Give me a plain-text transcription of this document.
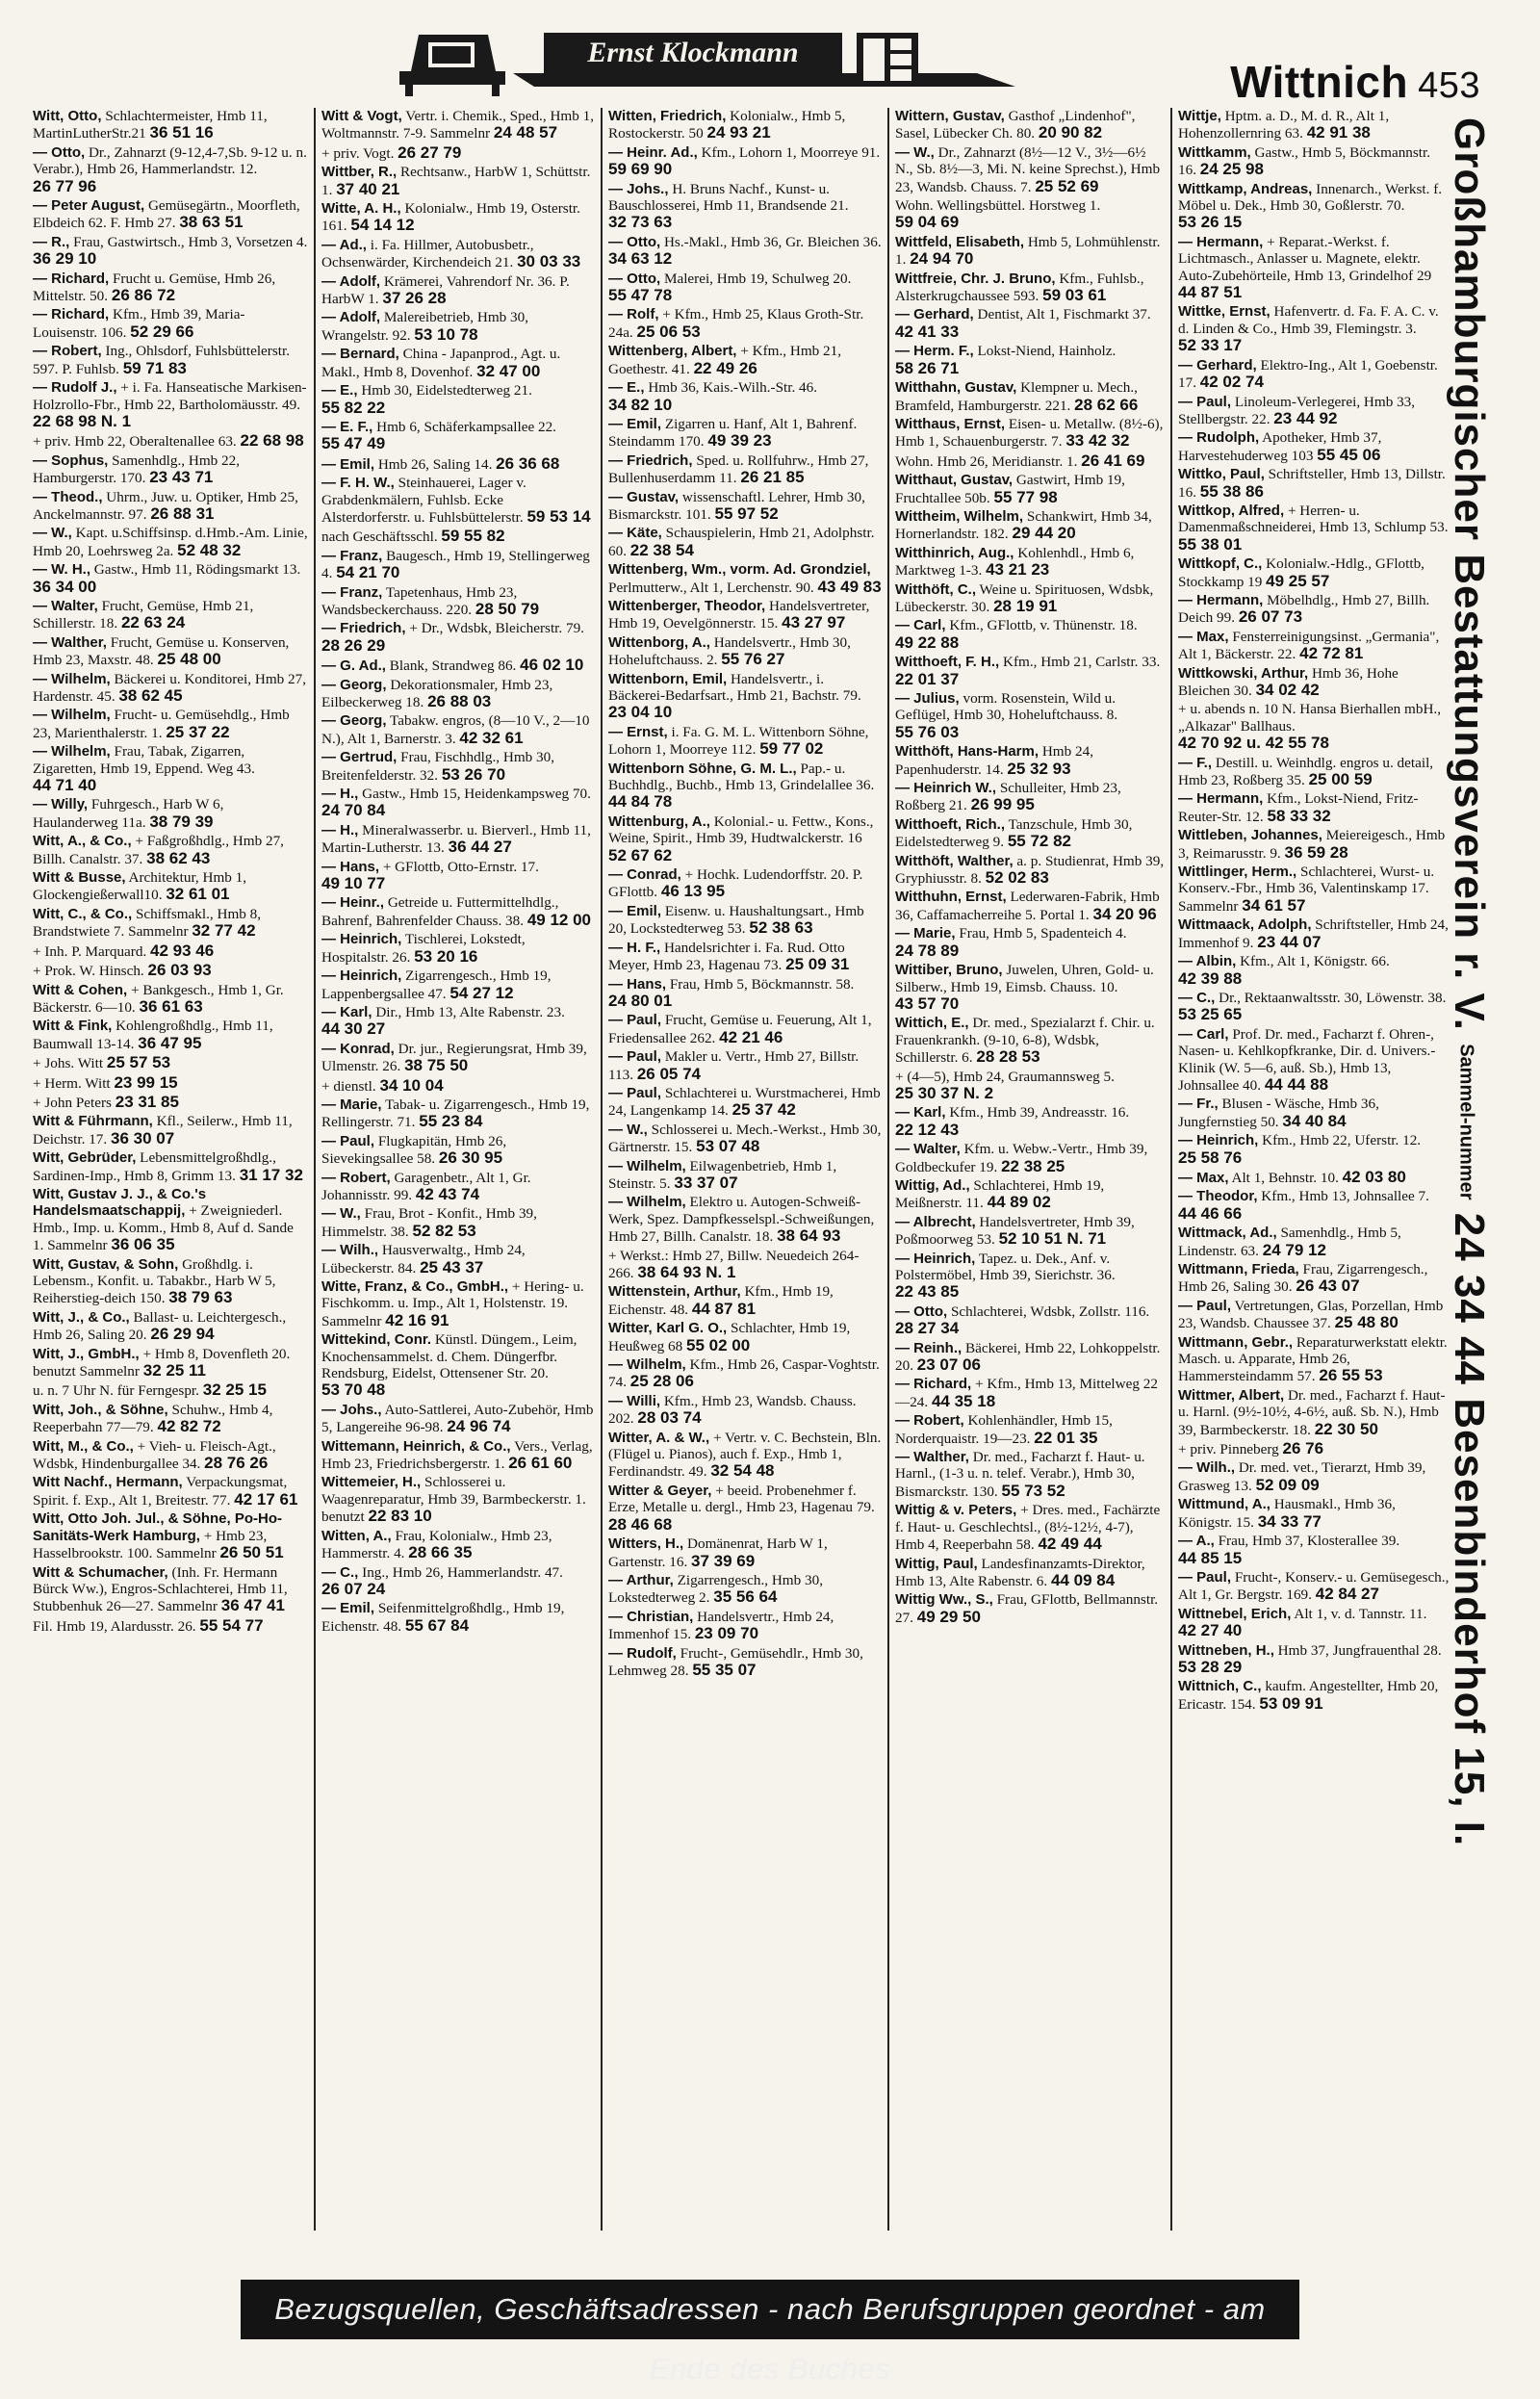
Ernst Klockmann
Wittnich 453
Witt, Otto, Schlachtermeister, Hmb 11, MartinLutherStr.21 36 51 16
— Otto, Dr., Zahnarzt (9-12,4-7,Sb. 9-12 u. n. Verabr.), Hmb 26, Hammerlandstr. 12. 26 77 96
— Peter August, Gemüsegärtn., Moorfleth, Elbdeich 62. F. Hmb 27. 38 63 51
— R., Frau, Gastwirtsch., Hmb 3, Vorsetzen 4. 36 29 10
— Richard, Frucht u. Gemüse, Hmb 26, Mittelstr. 50. 26 86 72
— Richard, Kfm., Hmb 39, Maria-Louisenstr. 106. 52 29 66
— Robert, Ing., Ohlsdorf, Fuhlsbüttelerstr. 597. P. Fuhlsb. 59 71 83
— Rudolf J., + i. Fa. Hanseatische Markisen-Holzrollo-Fbr., Hmb 22, Bartholomäusstr. 49. 22 68 98 N. 1
+ priv. Hmb 22, Oberaltenallee 63. 22 68 98
— Sophus, Samenhdlg., Hmb 22, Hamburgerstr. 170. 23 43 71
— Theod., Uhrm., Juw. u. Optiker, Hmb 25, Anckelmannstr. 97. 26 88 31
— W., Kapt. u.Schiffsinsp. d.Hmb.-Am. Linie, Hmb 20, Loehrsweg 2a. 52 48 32
— W. H., Gastw., Hmb 11, Rödingsmarkt 13. 36 34 00
— Walter, Frucht, Gemüse, Hmb 21, Schillerstr. 18. 22 63 24
— Walther, Frucht, Gemüse u. Konserven, Hmb 23, Maxstr. 48. 25 48 00
— Wilhelm, Bäckerei u. Konditorei, Hmb 27, Hardenstr. 45. 38 62 45
— Wilhelm, Frucht- u. Gemüsehdlg., Hmb 23, Marienthalerstr. 1. 25 37 22
— Wilhelm, Frau, Tabak, Zigarren, Zigaretten, Hmb 19, Eppend. Weg 43. 44 71 40
— Willy, Fuhrgesch., Harb W 6, Haulanderweg 11a. 38 79 39
Witt, A., & Co., + Faßgroßhdlg., Hmb 27, Billh. Canalstr. 37. 38 62 43
Witt & Busse, Architektur, Hmb 1, Glockengießerwall10. 32 61 01
Witt, C., & Co., Schiffsmakl., Hmb 8, Brandstwiete 7. Sammelnr 32 77 42
+ Inh. P. Marquard. 42 93 46
+ Prok. W. Hinsch. 26 03 93
Witt & Cohen, + Bankgesch., Hmb 1, Gr. Bäckerstr. 6—10. 36 61 63
Witt & Fink, Kohlengroßhdlg., Hmb 11, Baumwall 13-14. 36 47 95
+ Johs. Witt 25 57 53
+ Herm. Witt 23 99 15
+ John Peters 23 31 85
Witt & Führmann, Kfl., Seilerw., Hmb 11, Deichstr. 17. 36 30 07
Witt, Gebrüder, Lebensmittelgroßhdlg., Sardinen-Imp., Hmb 8, Grimm 13. 31 17 32
Witt, Gustav J. J., & Co.'s Handelsmaatschappij, + Zweigniederl. Hmb., Imp. u. Komm., Hmb 8, Auf d. Sande 1. Sammelnr 36 06 35
Witt, Gustav, & Sohn, Großhdlg. i. Lebensm., Konfit. u. Tabakbr., Harb W 5, Reiherstieg-deich 150. 38 79 63
Witt, J., & Co., Ballast- u. Leichtergesch., Hmb 26, Saling 20. 26 29 94
Witt, J., GmbH., + Hmb 8, Dovenfleth 20. benutzt Sammelnr 32 25 11
u. n. 7 Uhr N. für Ferngespr. 32 25 15
Witt, Joh., & Söhne, Schuhw., Hmb 4, Reeperbahn 77—79. 42 82 72
Witt, M., & Co., + Vieh- u. Fleisch-Agt., Wdsbk, Hindenburgallee 34. 28 76 26
Witt Nachf., Hermann, Verpackungsmat, Spirit. f. Exp., Alt 1, Breitestr. 77. 42 17 61
Witt, Otto Joh. Jul., & Söhne, Po-Ho-Sanitäts-Werk Hamburg, + Hmb 23, Hasselbrookstr. 100. Sammelnr 26 50 51
Witt & Schumacher, (Inh. Fr. Hermann Bürck Ww.), Engros-Schlachterei, Hmb 11, Stubbenhuk 26—27. Sammelnr 36 47 41
Fil. Hmb 19, Alardusstr. 26. 55 54 77
Witt & Vogt, Vertr. i. Chemik., Sped., Hmb 1, Woltmannstr. 7-9. Sammelnr 24 48 57
+ priv. Vogt. 26 27 79
Wittber, R., Rechtsanw., HarbW 1, Schüttstr. 1. 37 40 21
Witte, A. H., Kolonialw., Hmb 19, Osterstr. 161. 54 14 12
— Ad., i. Fa. Hillmer, Autobusbetr., Ochsenwärder, Kirchendeich 21. 30 03 33
— Adolf, Krämerei, Vahrendorf Nr. 36. P. HarbW 1. 37 26 28
— Adolf, Malereibetrieb, Hmb 30, Wrangelstr. 92. 53 10 78
— Bernard, China - Japanprod., Agt. u. Makl., Hmb 8, Dovenhof. 32 47 00
— E., Hmb 30, Eidelstedterweg 21. 55 82 22
— E. F., Hmb 6, Schäferkampsallee 22. 55 47 49
— Emil, Hmb 26, Saling 14. 26 36 68
— F. H. W., Steinhauerei, Lager v. Grabdenkmälern, Fuhlsb. Ecke Alsterdorferstr. u. Fuhlsbüttelerstr. 59 53 14
nach Geschäftsschl. 59 55 82
— Franz, Baugesch., Hmb 19, Stellingerweg 4. 54 21 70
— Franz, Tapetenhaus, Hmb 23, Wandsbeckerchauss. 220. 28 50 79
— Friedrich, + Dr., Wdsbk, Bleicherstr. 79. 28 26 29
— G. Ad., Blank, Strandweg 86. 46 02 10
— Georg, Dekorationsmaler, Hmb 23, Eilbeckerweg 18. 26 88 03
— Georg, Tabakw. engros, (8—10 V., 2—10 N.), Alt 1, Barnerstr. 3. 42 32 61
— Gertrud, Frau, Fischhdlg., Hmb 30, Breitenfelderstr. 32. 53 26 70
— H., Gastw., Hmb 15, Heidenkampsweg 70. 24 70 84
— H., Mineralwasserbr. u. Bierverl., Hmb 11, Martin-Lutherstr. 13. 36 44 27
— Hans, + GFlottb, Otto-Ernstr. 17. 49 10 77
— Heinr., Getreide u. Futtermittelhdlg., Bahrenf, Bahrenfelder Chauss. 38. 49 12 00
— Heinrich, Tischlerei, Lokstedt, Hospitalstr. 26. 53 20 16
— Heinrich, Zigarrengesch., Hmb 19, Lappenbergsallee 47. 54 27 12
— Karl, Dir., Hmb 13, Alte Rabenstr. 23. 44 30 27
— Konrad, Dr. jur., Regierungsrat, Hmb 39, Ulmenstr. 26. 38 75 50
+ dienstl. 34 10 04
— Marie, Tabak- u. Zigarrengesch., Hmb 19, Rellingerstr. 71. 55 23 84
— Paul, Flugkapitän, Hmb 26, Sievekingsallee 58. 26 30 95
— Robert, Garagenbetr., Alt 1, Gr. Johannisstr. 99. 42 43 74
— W., Frau, Brot - Konfit., Hmb 39, Himmelstr. 38. 52 82 53
— Wilh., Hausverwaltg., Hmb 24, Lübeckerstr. 84. 25 43 37
Witte, Franz, & Co., GmbH., + Hering- u. Fischkomm. u. Imp., Alt 1, Holstenstr. 19. Sammelnr 42 16 91
Wittekind, Conr. Künstl. Düngem., Leim, Knochensammelst. d. Chem. Düngerfbr. Rendsburg, Eidelst, Ottensener Str. 20. 53 70 48
— Johs., Auto-Sattlerei, Auto-Zubehör, Hmb 5, Langereihe 96-98. 24 96 74
Wittemann, Heinrich, & Co., Vers., Verlag, Hmb 23, Friedrichsbergerstr. 1. 26 61 60
Wittemeier, H., Schlosserei u. Waagenreparatur, Hmb 39, Barmbeckerstr. 1. benutzt 22 83 10
Witten, A., Frau, Kolonialw., Hmb 23, Hammerstr. 4. 28 66 35
— C., Ing., Hmb 26, Hammerlandstr. 47. 26 07 24
— Emil, Seifenmittelgroßhdlg., Hmb 19, Eichenstr. 48. 55 67 84
Witten, Friedrich, Kolonialw., Hmb 5, Rostockerstr. 50 24 93 21
— Heinr. Ad., Kfm., Lohorn 1, Moorreye 91. 59 69 90
— Johs., H. Bruns Nachf., Kunst- u. Bauschlosserei, Hmb 11, Brandsende 21. 32 73 63
— Otto, Hs.-Makl., Hmb 36, Gr. Bleichen 36. 34 63 12
— Otto, Malerei, Hmb 19, Schulweg 20. 55 47 78
— Rolf, + Kfm., Hmb 25, Klaus Groth-Str. 24a. 25 06 53
Wittenberg, Albert, + Kfm., Hmb 21, Goethestr. 41. 22 49 26
— E., Hmb 36, Kais.-Wilh.-Str. 46. 34 82 10
— Emil, Zigarren u. Hanf, Alt 1, Bahrenf. Steindamm 170. 49 39 23
— Friedrich, Sped. u. Rollfuhrw., Hmb 27, Bullenhuserdamm 11. 26 21 85
— Gustav, wissenschaftl. Lehrer, Hmb 30, Bismarckstr. 101. 55 97 52
— Käte, Schauspielerin, Hmb 21, Adolphstr. 60. 22 38 54
Wittenberg, Wm., vorm. Ad. Grondziel, Perlmutterw., Alt 1, Lerchenstr. 90. 43 49 83
Wittenberger, Theodor, Handelsvertreter, Hmb 19, Oevelgönnerstr. 15. 43 27 97
Wittenborg, A., Handelsvertr., Hmb 30, Hoheluftchauss. 2. 55 76 27
Wittenborn, Emil, Handelsvertr., i. Bäckerei-Bedarfsart., Hmb 21, Bachstr. 79. 23 04 10
— Ernst, i. Fa. G. M. L. Wittenborn Söhne, Lohorn 1, Moorreye 112. 59 77 02
Wittenborn Söhne, G. M. L., Pap.- u. Buchhdlg., Buchb., Hmb 13, Grindelallee 36. 44 84 78
Wittenburg, A., Kolonial.- u. Fettw., Kons., Weine, Spirit., Hmb 39, Hudtwalckerstr. 16 52 67 62
— Conrad, + Hochk. Ludendorffstr. 20. P. GFlottb. 46 13 95
— Emil, Eisenw. u. Haushaltungsart., Hmb 20, Lockstedterweg 53. 52 38 63
— H. F., Handelsrichter i. Fa. Rud. Otto Meyer, Hmb 23, Hagenau 73. 25 09 31
— Hans, Frau, Hmb 5, Böckmannstr. 58. 24 80 01
— Paul, Frucht, Gemüse u. Feuerung, Alt 1, Friedensallee 262. 42 21 46
— Paul, Makler u. Vertr., Hmb 27, Billstr. 113. 26 05 74
— Paul, Schlachterei u. Wurstmacherei, Hmb 24, Langenkamp 14. 25 37 42
— W., Schlosserei u. Mech.-Werkst., Hmb 30, Gärtnerstr. 15. 53 07 48
— Wilhelm, Eilwagenbetrieb, Hmb 1, Steinstr. 5. 33 37 07
— Wilhelm, Elektro u. Autogen-Schweiß-Werk, Spez. Dampfkesselspl.-Schweißungen, Hmb 27, Billh. Canalstr. 18. 38 64 93
+ Werkst.: Hmb 27, Billw. Neuedeich 264-266. 38 64 93 N. 1
Wittenstein, Arthur, Kfm., Hmb 19, Eichenstr. 48. 44 87 81
Witter, Karl G. O., Schlachter, Hmb 19, Heußweg 68 55 02 00
— Wilhelm, Kfm., Hmb 26, Caspar-Voghtstr. 74. 25 28 06
— Willi, Kfm., Hmb 23, Wandsb. Chauss. 202. 28 03 74
Witter, A. & W., + Vertr. v. C. Bechstein, Bln. (Flügel u. Pianos), auch f. Exp., Hmb 1, Ferdinandstr. 49. 32 54 48
Witter & Geyer, + beeid. Probenehmer f. Erze, Metalle u. dergl., Hmb 23, Hagenau 79. 28 46 68
Witters, H., Domänenrat, Harb W 1, Gartenstr. 16. 37 39 69
— Arthur, Zigarrengesch., Hmb 30, Lokstedterweg 2. 35 56 64
— Christian, Handelsvertr., Hmb 24, Immenhof 15. 23 09 70
— Rudolf, Frucht-, Gemüsehdlr., Hmb 30, Lehmweg 28. 55 35 07
Wittern, Gustav, Gasthof „Lindenhof", Sasel, Lübecker Ch. 80. 20 90 82
— W., Dr., Zahnarzt (8½—12 V., 3½—6½ N., Sb. 8½—3, Mi. N. keine Sprechst.), Hmb 23, Wandsb. Chauss. 7. 25 52 69
Wohn. Wellingsbüttel. Horstweg 1. 59 04 69
Wittfeld, Elisabeth, Hmb 5, Lohmühlenstr. 1. 24 94 70
Wittfreie, Chr. J. Bruno, Kfm., Fuhlsb., Alsterkrugchaussee 593. 59 03 61
— Gerhard, Dentist, Alt 1, Fischmarkt 37. 42 41 33
— Herm. F., Lokst-Niend, Hainholz. 58 26 71
Witthahn, Gustav, Klempner u. Mech., Bramfeld, Hamburgerstr. 221. 28 62 66
Witthaus, Ernst, Eisen- u. Metallw. (8½-6), Hmb 1, Schauenburgerstr. 7. 33 42 32
Wohn. Hmb 26, Meridianstr. 1. 26 41 69
Witthaut, Gustav, Gastwirt, Hmb 19, Fruchtallee 50b. 55 77 98
Wittheim, Wilhelm, Schankwirt, Hmb 34, Hornerlandstr. 182. 29 44 20
Witthinrich, Aug., Kohlenhdl., Hmb 6, Marktweg 1-3. 43 21 23
Witthöft, C., Weine u. Spirituosen, Wdsbk, Lübeckerstr. 30. 28 19 91
— Carl, Kfm., GFlottb, v. Thünenstr. 18. 49 22 88
Witthoeft, F. H., Kfm., Hmb 21, Carlstr. 33. 22 01 37
— Julius, vorm. Rosenstein, Wild u. Geflügel, Hmb 30, Hoheluftchauss. 8. 55 76 03
Witthöft, Hans-Harm, Hmb 24, Papenhuderstr. 14. 25 32 93
— Heinrich W., Schulleiter, Hmb 23, Roßberg 21. 26 99 95
Witthoeft, Rich., Tanzschule, Hmb 30, Eidelstedterweg 9. 55 72 82
Witthöft, Walther, a. p. Studienrat, Hmb 39, Gryphiusstr. 8. 52 02 83
Witthuhn, Ernst, Lederwaren-Fabrik, Hmb 36, Caffamacherreihe 5. Portal 1. 34 20 96
— Marie, Frau, Hmb 5, Spadenteich 4. 24 78 89
Wittiber, Bruno, Juwelen, Uhren, Gold- u. Silberw., Hmb 19, Eimsb. Chauss. 10. 43 57 70
Wittich, E., Dr. med., Spezialarzt f. Chir. u. Frauenkrankh. (9-10, 6-8), Wdsbk, Schillerstr. 6. 28 28 53
+ (4—5), Hmb 24, Graumannsweg 5. 25 30 37 N. 2
— Karl, Kfm., Hmb 39, Andreasstr. 16. 22 12 43
— Walter, Kfm. u. Webw.-Vertr., Hmb 39, Goldbeckufer 19. 22 38 25
Wittig, Ad., Schlachterei, Hmb 19, Meißnerstr. 11. 44 89 02
— Albrecht, Handelsvertreter, Hmb 39, Poßmoorweg 53. 52 10 51 N. 71
— Heinrich, Tapez. u. Dek., Anf. v. Polstermöbel, Hmb 39, Sierichstr. 36. 22 43 85
— Otto, Schlachterei, Wdsbk, Zollstr. 116. 28 27 34
— Reinh., Bäckerei, Hmb 22, Lohkoppelstr. 20. 23 07 06
— Richard, + Kfm., Hmb 13, Mittelweg 22—24. 44 35 18
— Robert, Kohlenhändler, Hmb 15, Norderquaistr. 19—23. 22 01 35
— Walther, Dr. med., Facharzt f. Haut- u. Harnl., (1-3 u. n. telef. Verabr.), Hmb 30, Bismarckstr. 130. 55 73 52
Wittig & v. Peters, + Dres. med., Fachärzte f. Haut- u. Geschlechtsl., (8½-12½, 4-7), Hmb 4, Reeperbahn 58. 42 49 44
Wittig, Paul, Landesfinanzamts-Direktor, Hmb 13, Alte Rabenstr. 6. 44 09 84
Wittig Ww., S., Frau, GFlottb, Bellmannstr. 27. 49 29 50
Wittje, Hptm. a. D., M. d. R., Alt 1, Hohenzollernring 63. 42 91 38
Wittkamm, Gastw., Hmb 5, Böckmannstr. 16. 24 25 98
Wittkamp, Andreas, Innenarch., Werkst. f. Möbel u. Dek., Hmb 30, Goßlerstr. 70. 53 26 15
— Hermann, + Reparat.-Werkst. f. Lichtmasch., Anlasser u. Magnete, elektr. Auto-Zubehörteile, Hmb 13, Grindelhof 29 44 87 51
Wittke, Ernst, Hafenvertr. d. Fa. F. A. C. v. d. Linden & Co., Hmb 39, Flemingstr. 3. 52 33 17
— Gerhard, Elektro-Ing., Alt 1, Goebenstr. 17. 42 02 74
— Paul, Linoleum-Verlegerei, Hmb 33, Stellbergstr. 22. 23 44 92
— Rudolph, Apotheker, Hmb 37, Harvestehuderweg 103 55 45 06
Wittko, Paul, Schriftsteller, Hmb 13, Dillstr. 16. 55 38 86
Wittkop, Alfred, + Herren- u. Damenmaßschneiderei, Hmb 13, Schlump 53. 55 38 01
Wittkopf, C., Kolonialw.-Hdlg., GFlottb, Stockkamp 19 49 25 57
— Hermann, Möbelhdlg., Hmb 27, Billh. Deich 99. 26 07 73
— Max, Fensterreinigungsinst. „Germania", Alt 1, Bäckerstr. 22. 42 72 81
Wittkowski, Arthur, Hmb 36, Hohe Bleichen 30. 34 02 42
+ u. abends n. 10 N. Hansa Bierhallen mbH., „Alkazar" Ballhaus. 42 70 92 u. 42 55 78
— F., Destill. u. Weinhdlg. engros u. detail, Hmb 23, Roßberg 35. 25 00 59
— Hermann, Kfm., Lokst-Niend, Fritz-Reuter-Str. 12. 58 33 32
Wittleben, Johannes, Meiereigesch., Hmb 3, Reimarusstr. 9. 36 59 28
Wittlinger, Herm., Schlachterei, Wurst- u. Konserv.-Fbr., Hmb 36, Valentinskamp 17. Sammelnr 34 61 57
Wittmaack, Adolph, Schriftsteller, Hmb 24, Immenhof 9. 23 44 07
— Albin, Kfm., Alt 1, Königstr. 66. 42 39 88
— C., Dr., Rektaanwaltsstr. 30, Löwenstr. 38. 53 25 65
— Carl, Prof. Dr. med., Facharzt f. Ohren-, Nasen- u. Kehlkopfkranke, Dir. d. Univers.-Klinik (W. 5—6, auß. Sb.), Hmb 13, Johnsallee 40. 44 44 88
— Fr., Blusen - Wäsche, Hmb 36, Jungfernstieg 50. 34 40 84
— Heinrich, Kfm., Hmb 22, Uferstr. 12. 25 58 76
— Max, Alt 1, Behnstr. 10. 42 03 80
— Theodor, Kfm., Hmb 13, Johnsallee 7. 44 46 66
Wittmack, Ad., Samenhdlg., Hmb 5, Lindenstr. 63. 24 79 12
Wittmann, Frieda, Frau, Zigarrengesch., Hmb 26, Saling 30. 26 43 07
— Paul, Vertretungen, Glas, Porzellan, Hmb 23, Wandsb. Chaussee 37. 25 48 80
Wittmann, Gebr., Reparaturwerkstatt elektr. Masch. u. Apparate, Hmb 26, Hammersteindamm 57. 26 55 53
Wittmer, Albert, Dr. med., Facharzt f. Haut- u. Harnl. (9½-10½, 4-6½, auß. Sb. N.), Hmb 39, Barmbeckerstr. 18. 22 30 50
+ priv. Pinneberg 26 76
— Wilh., Dr. med. vet., Tierarzt, Hmb 39, Grasweg 13. 52 09 09
Wittmund, A., Hausmakl., Hmb 36, Königstr. 15. 34 33 77
— A., Frau, Hmb 37, Klosterallee 39. 44 85 15
— Paul, Frucht-, Konserv.- u. Gemüsegesch., Alt 1, Gr. Bergstr. 169. 42 84 27
Wittnebel, Erich, Alt 1, v. d. Tannstr. 11. 42 27 40
Wittneben, H., Hmb 37, Jungfrauenthal 28. 53 28 29
Wittnich, C., kaufm. Angestellter, Hmb 20, Ericastr. 154. 53 09 91
Großhamburgischer Bestattungsverein r. V. Sammel-nummer 24 34 44 Besenbinderhof 15, I.
Bezugsquellen, Geschäftsadressen - nach Berufsgruppen geordnet - am Ende des Buches
